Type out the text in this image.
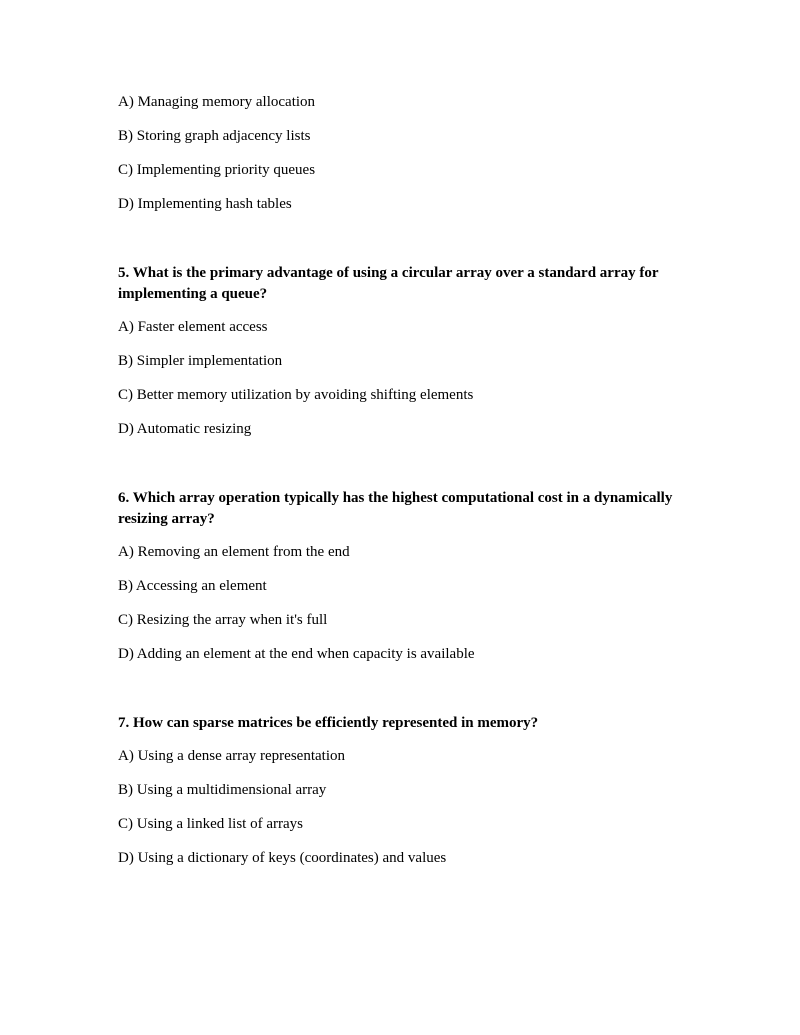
A) Managing memory allocation

B) Storing graph adjacency lists

C) Implementing priority queues

D) Implementing hash tables

5. What is the primary advantage of using a circular array over a standard array for implementing a queue?

A) Faster element access

B) Simpler implementation

C) Better memory utilization by avoiding shifting elements

D) Automatic resizing

6. Which array operation typically has the highest computational cost in a dynamically resizing array?

A) Removing an element from the end

B) Accessing an element

C) Resizing the array when it's full

D) Adding an element at the end when capacity is available

7. How can sparse matrices be efficiently represented in memory?

A) Using a dense array representation

B) Using a multidimensional array

C) Using a linked list of arrays

D) Using a dictionary of keys (coordinates) and values
